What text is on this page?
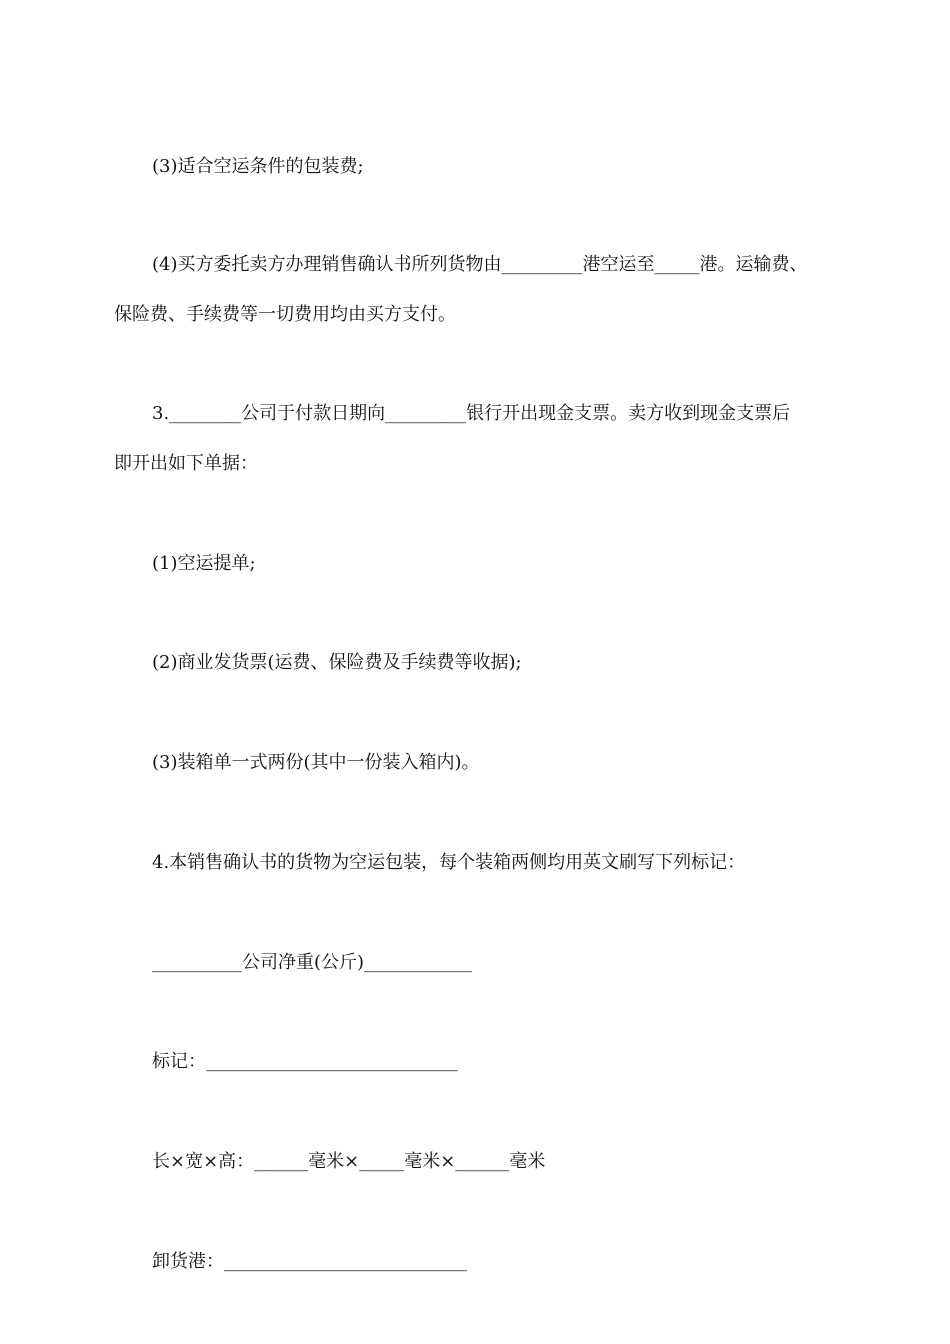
(3)适合空运条件的包装费;
(4)买方委托卖方办理销售确认书所列货物由_________港空运至_____港。运输费、
保险费、手续费等一切费用均由买方支付。
3.________公司于付款日期向_________银行开出现金支票。卖方收到现金支票后
即开出如下单据：
(1)空运提单;
(2)商业发货票(运费、保险费及手续费等收据);
(3)装箱单一式两份(其中一份装入箱内)。
4.本销售确认书的货物为空运包装，每个装箱两侧均用英文刷写下列标记：
__________公司净重(公斤)____________
标记：____________________________
长×宽×高：______毫米×_____毫米×______毫米
卸货港：___________________________
